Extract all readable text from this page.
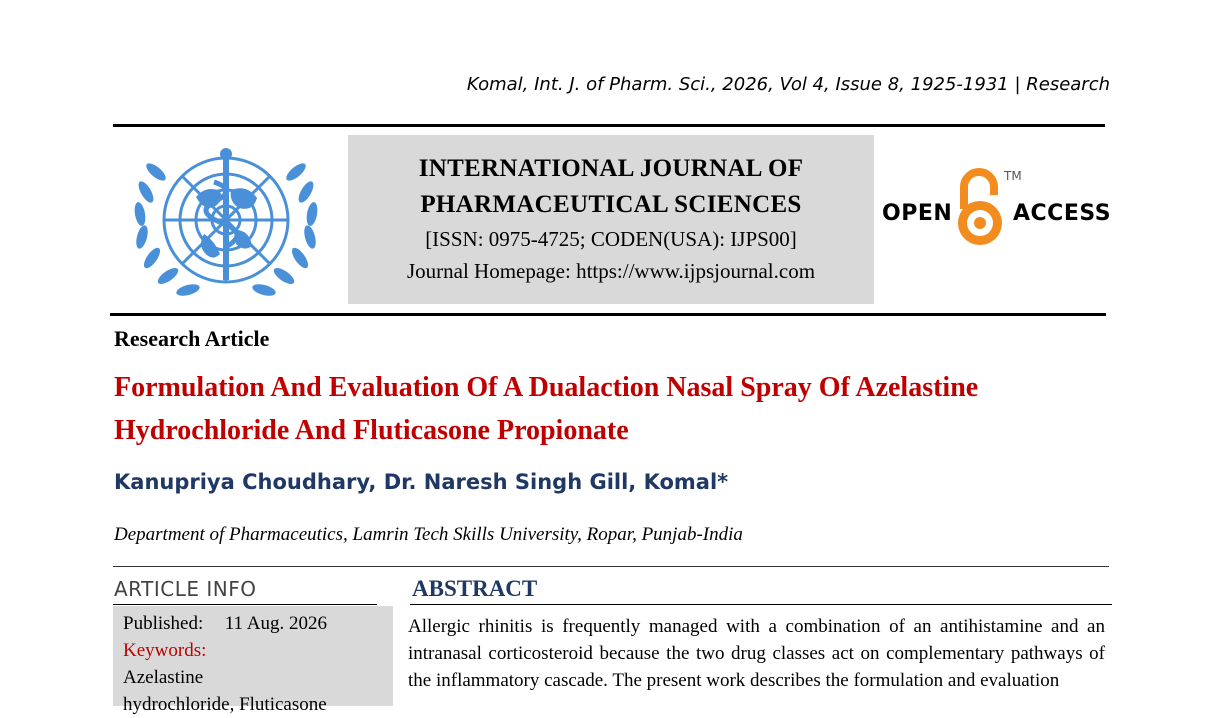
Komal, Int. J. of Pharm. Sci., 2026, Vol 4, Issue 8, 1925-1931 | Research
INTERNATIONAL JOURNAL OF
PHARMACEUTICAL SCIENCES
[ISSN: 0975-4725; CODEN(USA): IJPS00]
Journal Homepage: https://www.ijpsjournal.com
OPEN
TM
ACCESS
Research Article
Formulation And Evaluation Of A Dualaction Nasal Spray Of Azelastine Hydrochloride And Fluticasone Propionate
Kanupriya Choudhary, Dr. Naresh Singh Gill, Komal*
Department of Pharmaceutics, Lamrin Tech Skills University, Ropar, Punjab-India
ARTICLE INFO
Published: 11 Aug. 2026
Keywords:
Azelastine
hydrochloride, Fluticasone
ABSTRACT
Allergic rhinitis is frequently managed with a combination of an antihistamine and an intranasal corticosteroid because the two drug classes act on complementary pathways of the inflammatory cascade. The present work describes the formulation and evaluation
